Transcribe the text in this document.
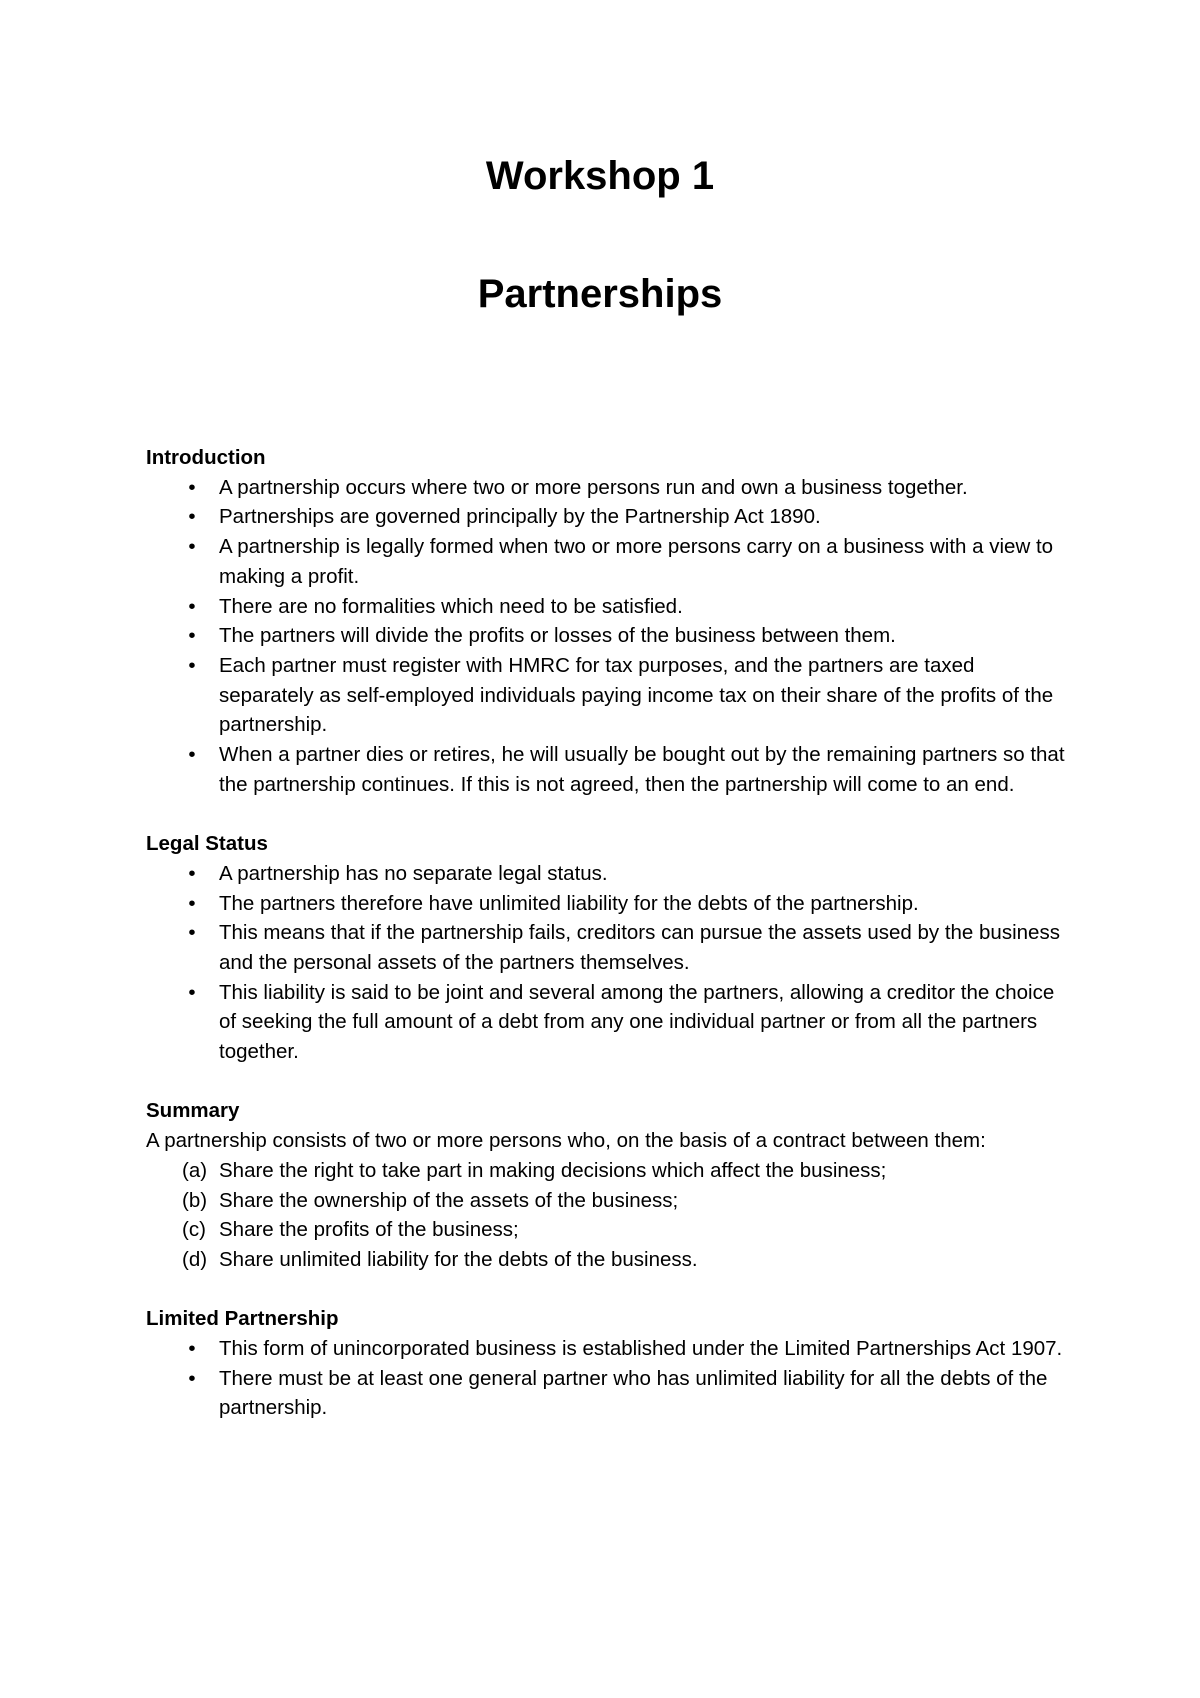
Workshop 1
Partnerships

Introduction

• A partnership occurs where two or more persons run and own a business together.
• Partnerships are governed principally by the Partnership Act 1890.
• A partnership is legally formed when two or more persons carry on a business with a view to making a profit.
• There are no formalities which need to be satisfied.
• The partners will divide the profits or losses of the business between them.
• Each partner must register with HMRC for tax purposes, and the partners are taxed separately as self-employed individuals paying income tax on their share of the profits of the partnership.
• When a partner dies or retires, he will usually be bought out by the remaining partners so that the partnership continues. If this is not agreed, then the partnership will come to an end.

Legal Status

• A partnership has no separate legal status.
• The partners therefore have unlimited liability for the debts of the partnership.
• This means that if the partnership fails, creditors can pursue the assets used by the business and the personal assets of the partners themselves.
• This liability is said to be joint and several among the partners, allowing a creditor the choice of seeking the full amount of a debt from any one individual partner or from all the partners together.

Summary

A partnership consists of two or more persons who, on the basis of a contract between them:

(a) Share the right to take part in making decisions which affect the business;
(b) Share the ownership of the assets of the business;
(c) Share the profits of the business;
(d) Share unlimited liability for the debts of the business.

Limited Partnership

• This form of unincorporated business is established under the Limited Partnerships Act 1907.
• There must be at least one general partner who has unlimited liability for all the debts of the partnership.
